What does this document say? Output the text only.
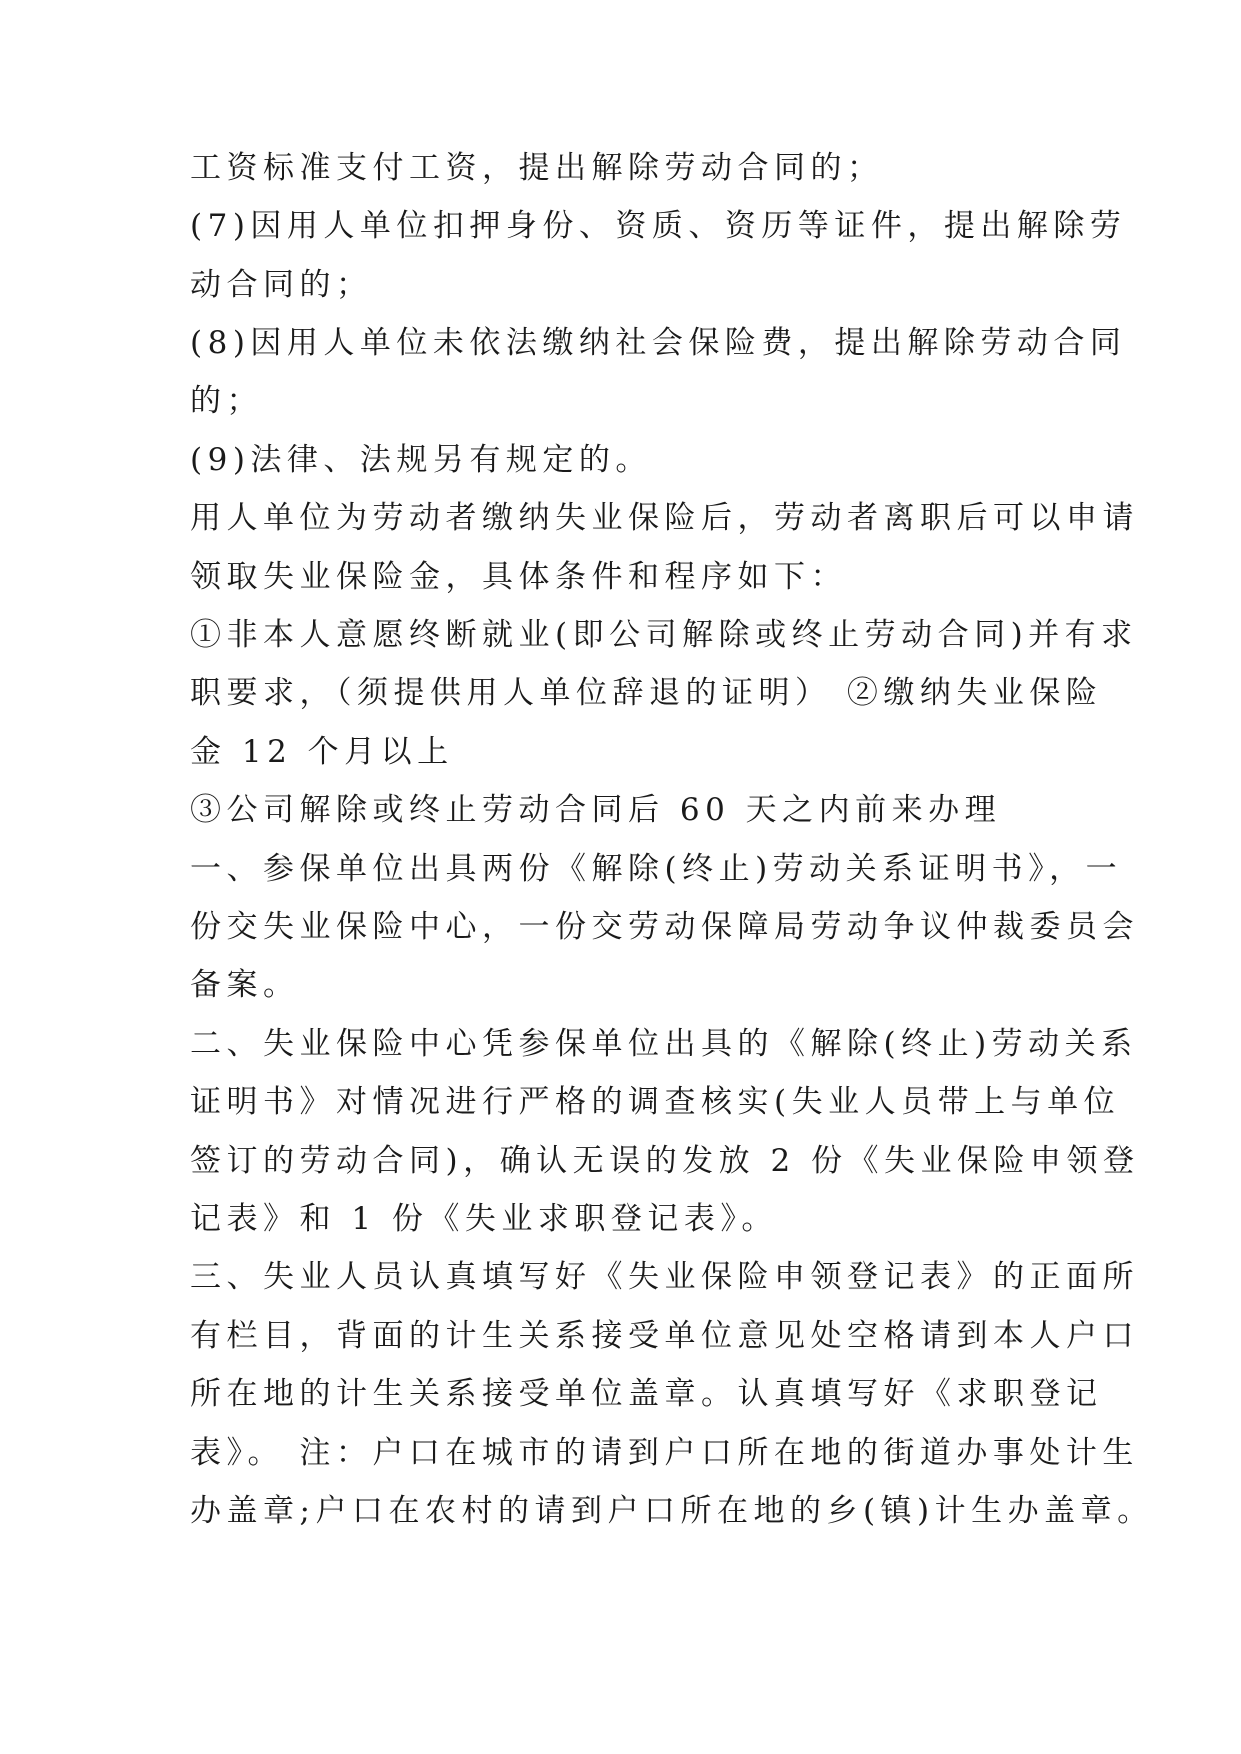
工资标准支付工资，提出解除劳动合同的；
(7)因用人单位扣押身份、资质、资历等证件，提出解除劳
动合同的；
(8)因用人单位未依法缴纳社会保险费，提出解除劳动合同
的；
(9)法律、法规另有规定的。
用人单位为劳动者缴纳失业保险后，劳动者离职后可以申请
领取失业保险金，具体条件和程序如下：
①非本人意愿终断就业(即公司解除或终止劳动合同)并有求
职要求，（须提供用人单位辞退的证明） ②缴纳失业保险
金 12 个月以上
③公司解除或终止劳动合同后 60 天之内前来办理
一、参保单位出具两份《解除(终止)劳动关系证明书》，一
份交失业保险中心，一份交劳动保障局劳动争议仲裁委员会
备案。
二、失业保险中心凭参保单位出具的《解除(终止)劳动关系
证明书》对情况进行严格的调查核实(失业人员带上与单位
签订的劳动合同)，确认无误的发放 2 份《失业保险申领登
记表》和 1 份《失业求职登记表》。
三、失业人员认真填写好《失业保险申领登记表》的正面所
有栏目，背面的计生关系接受单位意见处空格请到本人户口
所在地的计生关系接受单位盖章。认真填写好《求职登记
表》。 注：户口在城市的请到户口所在地的街道办事处计生
办盖章;户口在农村的请到户口所在地的乡(镇)计生办盖章。
